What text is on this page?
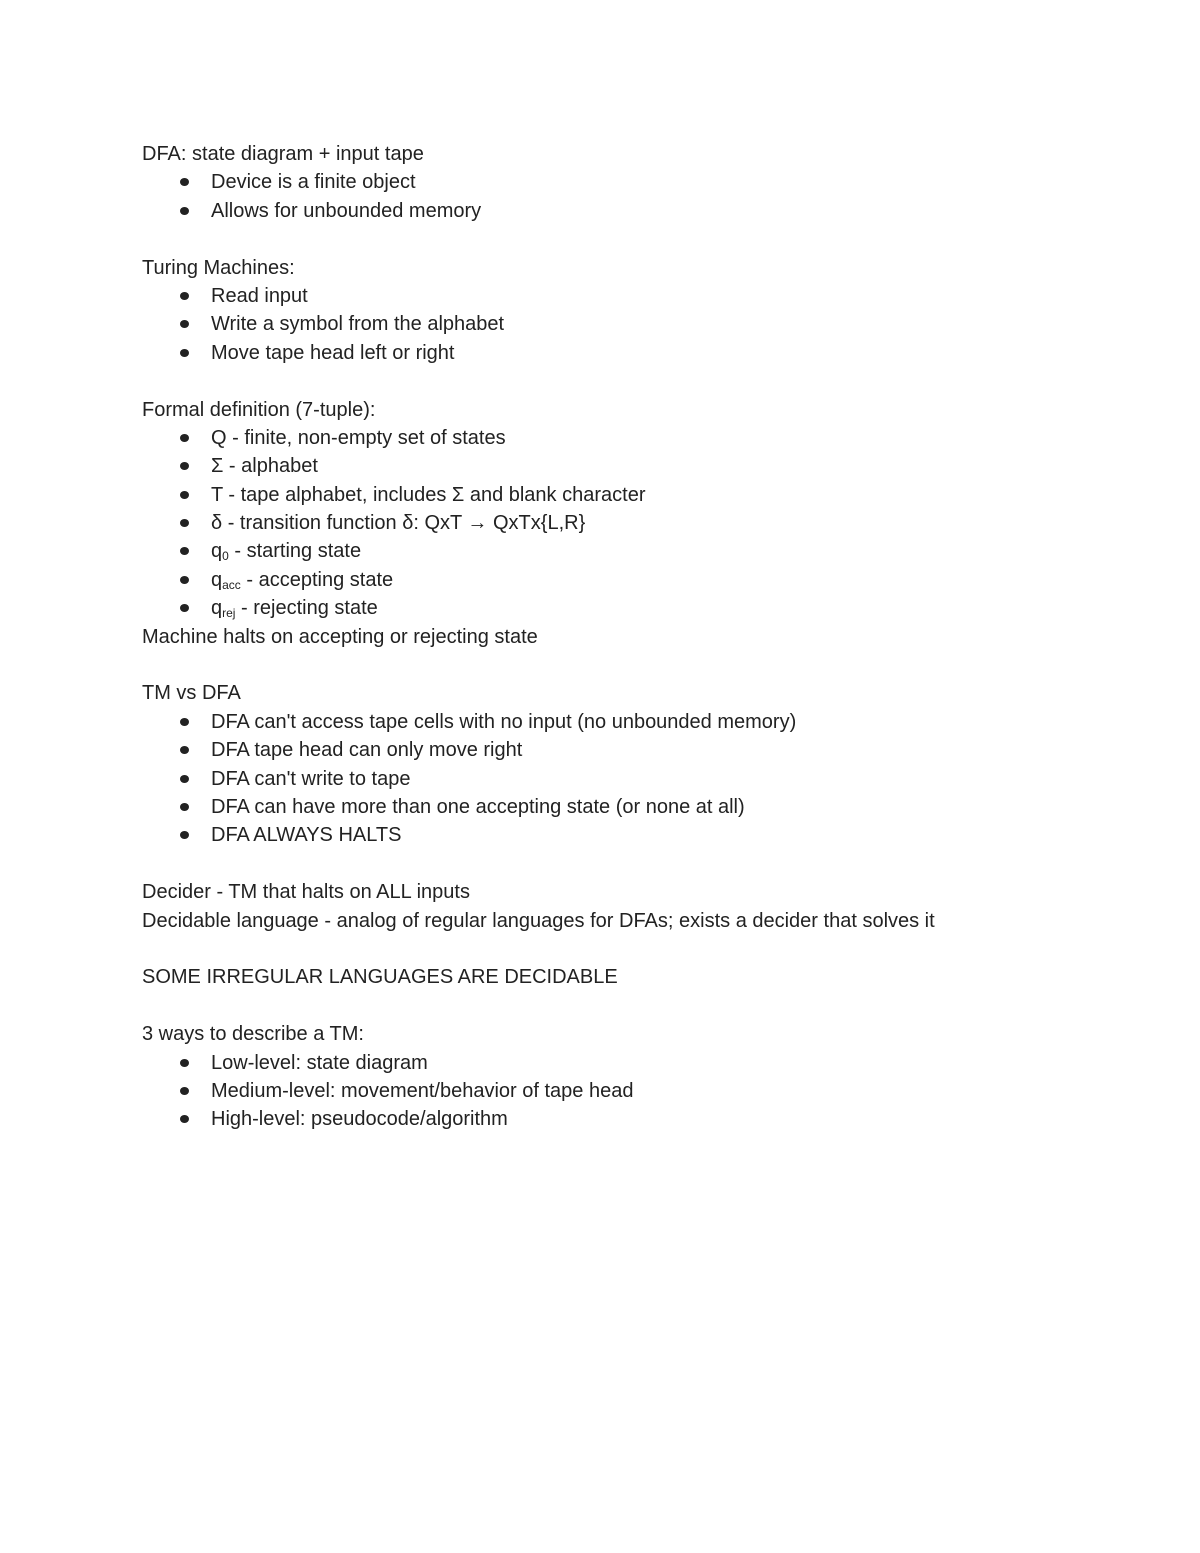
DFA: state diagram + input tape
Device is a finite object
Allows for unbounded memory
Turing Machines:
Read input
Write a symbol from the alphabet
Move tape head left or right
Formal definition (7-tuple):
Q - finite, non-empty set of states
Σ - alphabet
T - tape alphabet, includes Σ and blank character
δ - transition function δ: QxT → QxTx{L,R}
$q_0$ - starting state
$q_{acc}$ - accepting state
$q_{rej}$ - rejecting state
Machine halts on accepting or rejecting state
TM vs DFA
DFA can't access tape cells with no input (no unbounded memory)
DFA tape head can only move right
DFA can't write to tape
DFA can have more than one accepting state (or none at all)
DFA ALWAYS HALTS
Decider - TM that halts on ALL inputs
Decidable language - analog of regular languages for DFAs; exists a decider that solves it
SOME IRREGULAR LANGUAGES ARE DECIDABLE
3 ways to describe a TM:
Low-level: state diagram
Medium-level: movement/behavior of tape head
High-level: pseudocode/algorithm
